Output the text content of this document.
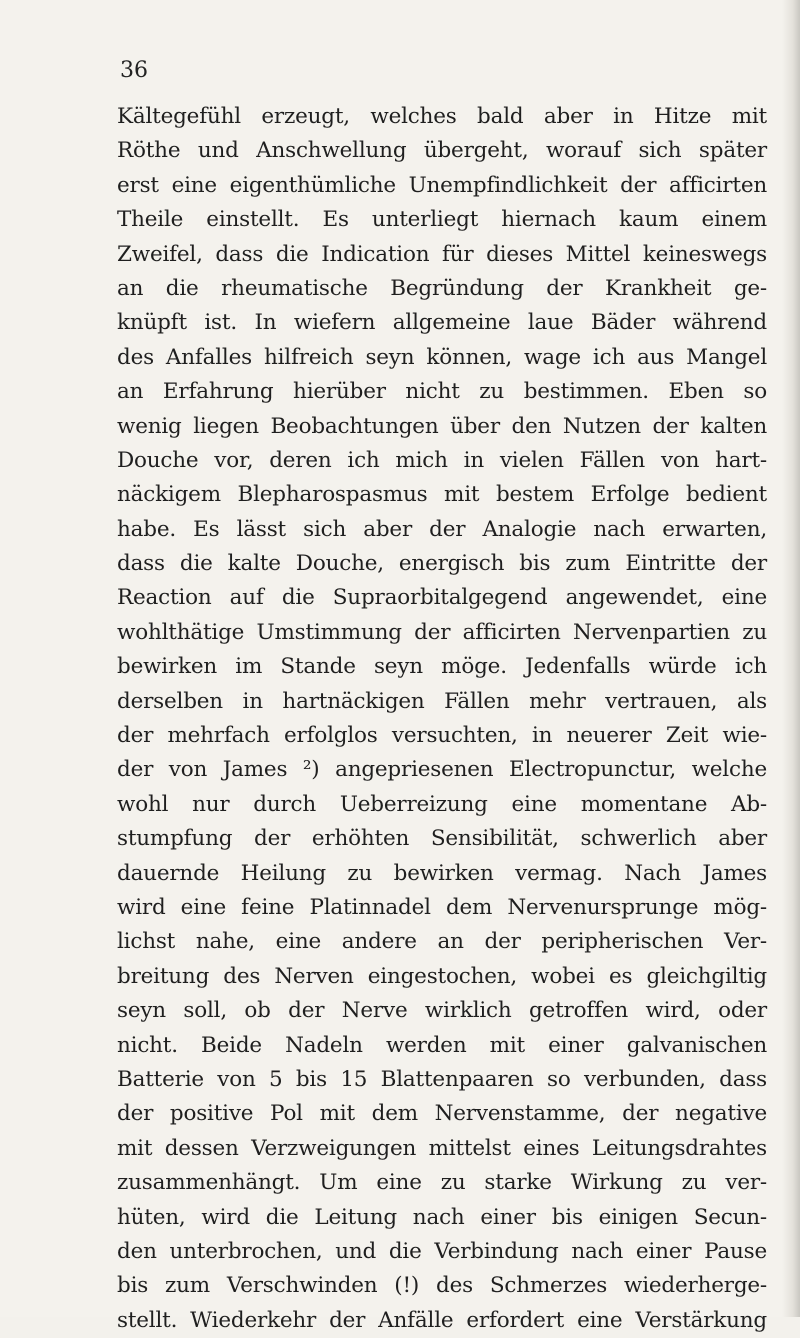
36
Kältegefühl erzeugt, welches bald aber in Hitze mit
Röthe und Anschwellung übergeht, worauf sich später
erst eine eigenthümliche Unempfindlichkeit der afficirten
Theile einstellt. Es unterliegt hiernach kaum einem
Zweifel, dass die Indication für dieses Mittel keineswegs
an die rheumatische Begründung der Krankheit ge-
knüpft ist. In wiefern allgemeine laue Bäder während
des Anfalles hilfreich seyn können, wage ich aus Mangel
an Erfahrung hierüber nicht zu bestimmen. Eben so
wenig liegen Beobachtungen über den Nutzen der kalten
Douche vor, deren ich mich in vielen Fällen von hart-
näckigem Blepharospasmus mit bestem Erfolge bedient
habe. Es lässt sich aber der Analogie nach erwarten,
dass die kalte Douche, energisch bis zum Eintritte der
Reaction auf die Supraorbitalgegend angewendet, eine
wohlthätige Umstimmung der afficirten Nervenpartien zu
bewirken im Stande seyn möge. Jedenfalls würde ich
derselben in hartnäckigen Fällen mehr vertrauen, als
der mehrfach erfolglos versuchten, in neuerer Zeit wie-
der von James ²) angepriesenen Electropunctur, welche
wohl nur durch Ueberreizung eine momentane Ab-
stumpfung der erhöhten Sensibilität, schwerlich aber
dauernde Heilung zu bewirken vermag. Nach James
wird eine feine Platinnadel dem Nervenursprunge mög-
lichst nahe, eine andere an der peripherischen Ver-
breitung des Nerven eingestochen, wobei es gleichgiltig
seyn soll, ob der Nerve wirklich getroffen wird, oder
nicht. Beide Nadeln werden mit einer galvanischen
Batterie von 5 bis 15 Blattenpaaren so verbunden, dass
der positive Pol mit dem Nervenstamme, der negative
mit dessen Verzweigungen mittelst eines Leitungsdrahtes
zusammenhängt. Um eine zu starke Wirkung zu ver-
hüten, wird die Leitung nach einer bis einigen Secun-
den unterbrochen, und die Verbindung nach einer Pause
bis zum Verschwinden (!) des Schmerzes wiederherge-
stellt. Wiederkehr der Anfälle erfordert eine Verstärkung
